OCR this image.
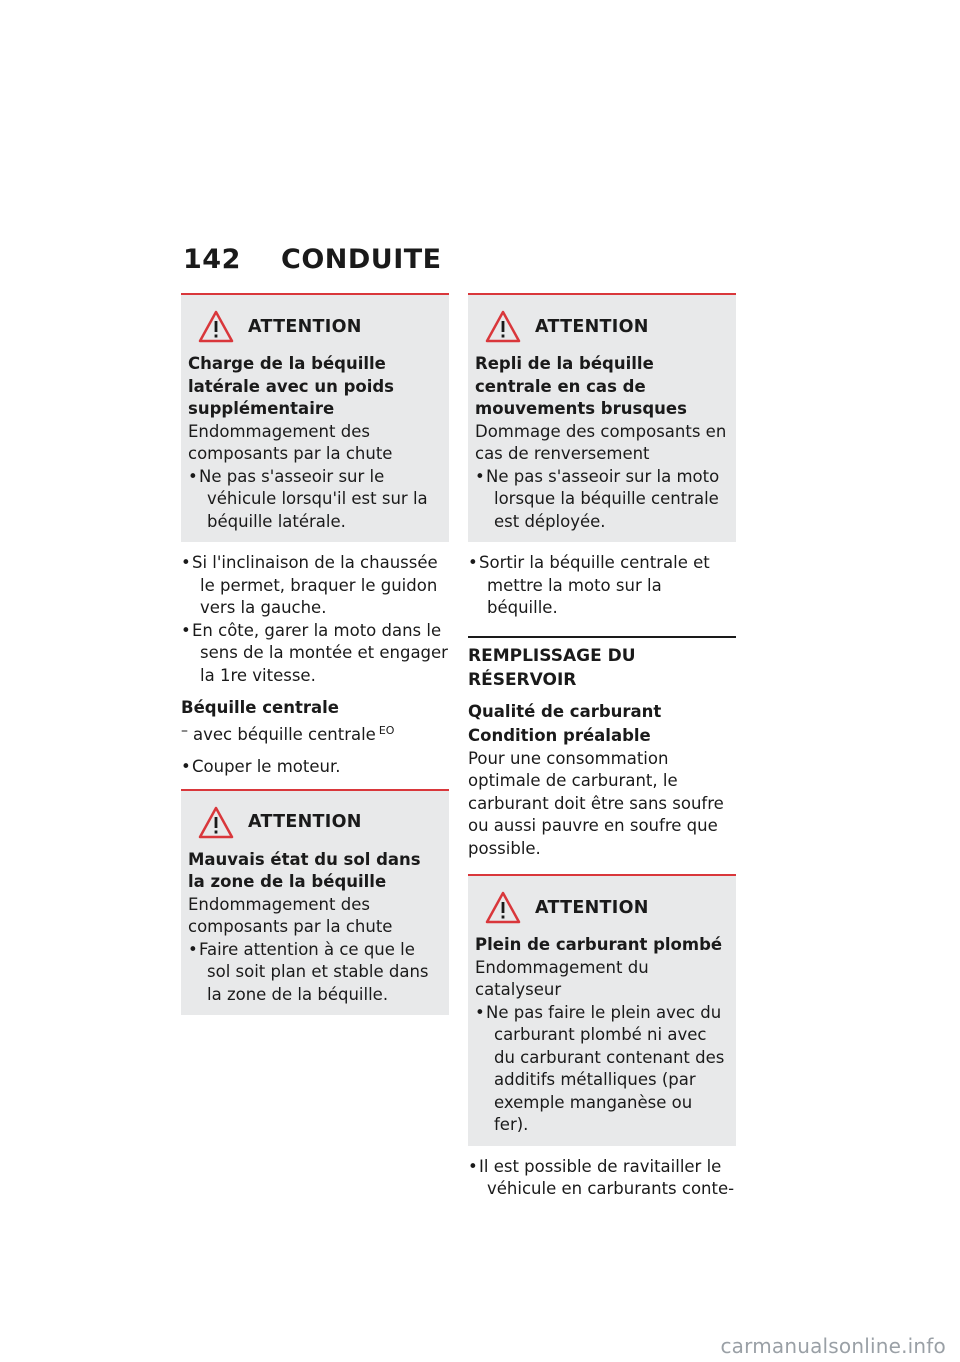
142 CONDUITE
ATTENTION
Charge de la béquille latérale avec un poids supplémentaire
Endommagement des composants par la chute
• Ne pas s'asseoir sur le véhicule lorsqu'il est sur la béquille latérale.
• Si l'inclinaison de la chaussée le permet, braquer le guidon vers la gauche.
• En côte, garer la moto dans le sens de la montée et engager la 1re vitesse.
Béquille centrale
– avec béquille centrale $^{EO}$
• Couper le moteur.
ATTENTION
Mauvais état du sol dans la zone de la béquille
Endommagement des composants par la chute
• Faire attention à ce que le sol soit plan et stable dans la zone de la béquille.
ATTENTION
Repli de la béquille centrale en cas de mouvements brusques
Dommage des composants en cas de renversement
• Ne pas s'asseoir sur la moto lorsque la béquille centrale est déployée.
• Sortir la béquille centrale et mettre la moto sur la béquille.
REMPLISSAGE DU RÉSERVOIR
Qualité de carburant
Condition préalable
Pour une consommation optimale de carburant, le carburant doit être sans soufre ou aussi pauvre en soufre que possible.
ATTENTION
Plein de carburant plombé
Endommagement du catalyseur
• Ne pas faire le plein avec du carburant plombé ni avec du carburant contenant des additifs métalliques (par exemple manganèse ou fer).
• Il est possible de ravitailler le véhicule en carburants conte-
carmanualsonline.info
